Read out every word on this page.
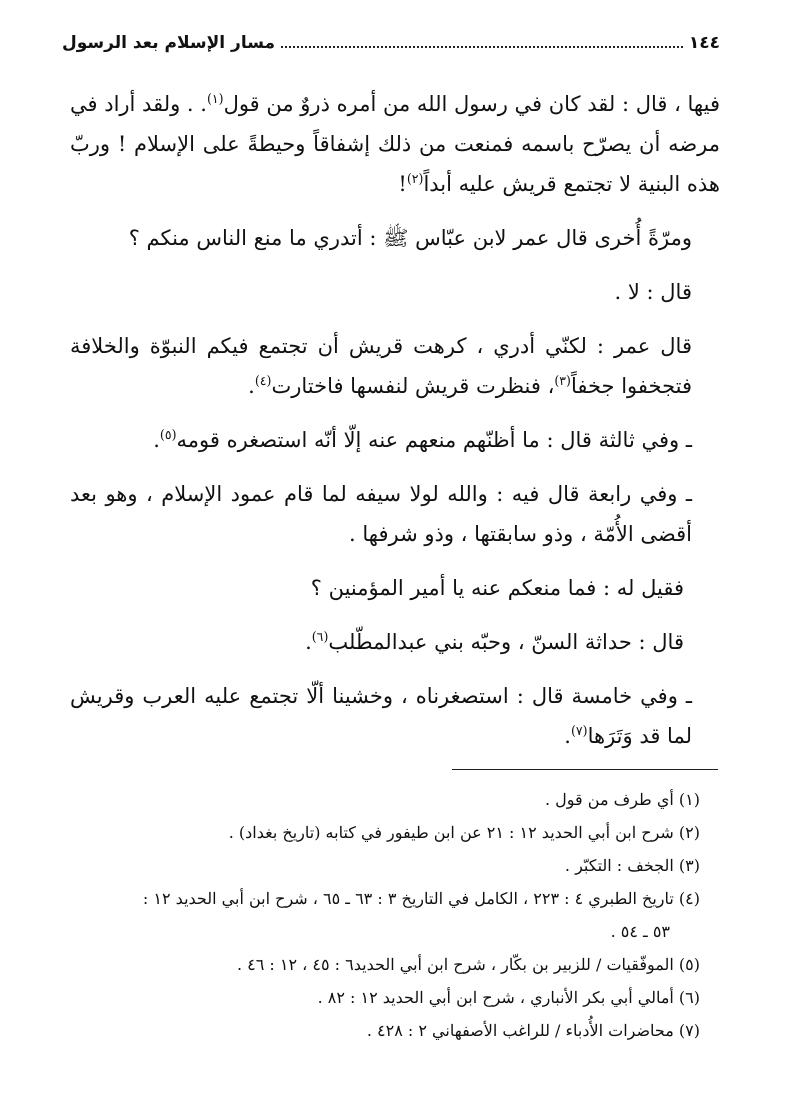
١٤٤
مسار الإسلام بعد الرسول

فيها ، قال : لقد كان في رسول الله من أمره ذروٌ من قول$^{(١)}$. . ولقد أراد في مرضه أن يصرّح باسمه فمنعت من ذلك إشفاقاً وحيطةً على الإسلام ! وربّ هذه البنية لا تجتمع قريش عليه أبداً$^{(٢)}$!

ومرّةً أُخرى قال عمر لابن عبّاس ﷺ : أتدري ما منع الناس منكم ؟

قال : لا .

قال عمر : لكنّي أدري ، كرهت قريش أن تجتمع فيكم النبوّة والخلافة فتجخفوا جخفاً$^{(٣)}$، فنظرت قريش لنفسها فاختارت$^{(٤)}$.

ـ وفي ثالثة قال : ما أظنّهم منعهم عنه إلّا أنّه استصغره قومه$^{(٥)}$.

ـ وفي رابعة قال فيه : والله لولا سيفه لما قام عمود الإسلام ، وهو بعد أقضى الأُمّة ، وذو سابقتها ، وذو شرفها .

فقيل له : فما منعكم عنه يا أمير المؤمنين ؟

قال : حداثة السنّ ، وحبّه بني عبدالمطّلب$^{(٦)}$.

ـ وفي خامسة قال : استصغرناه ، وخشينا ألّا تجتمع عليه العرب وقريش لما قد وَتَرَها$^{(٧)}$.

(١) أي طرف من قول .

(٢) شرح ابن أبي الحديد ١٢ : ٢١ عن ابن طيفور في كتابه (تاريخ بغداد) .

(٣) الجخف : التكبّر .

(٤) تاريخ الطبري ٤ : ٢٢٣ ، الكامل في التاريخ ٣ : ٦٣ ـ ٦٥ ، شرح ابن أبي الحديد ١٢ :
٥٣ ـ ٥٤ .

(٥) الموفّقيات / للزبير بن بكّار ، شرح ابن أبي الحديد٦ : ٤٥ ، ١٢ : ٤٦ .

(٦) أمالي أبي بكر الأنباري ، شرح ابن أبي الحديد ١٢ : ٨٢ .

(٧) محاضرات الأُدباء / للراغب الأصفهاني ٢ : ٤٢٨ .
